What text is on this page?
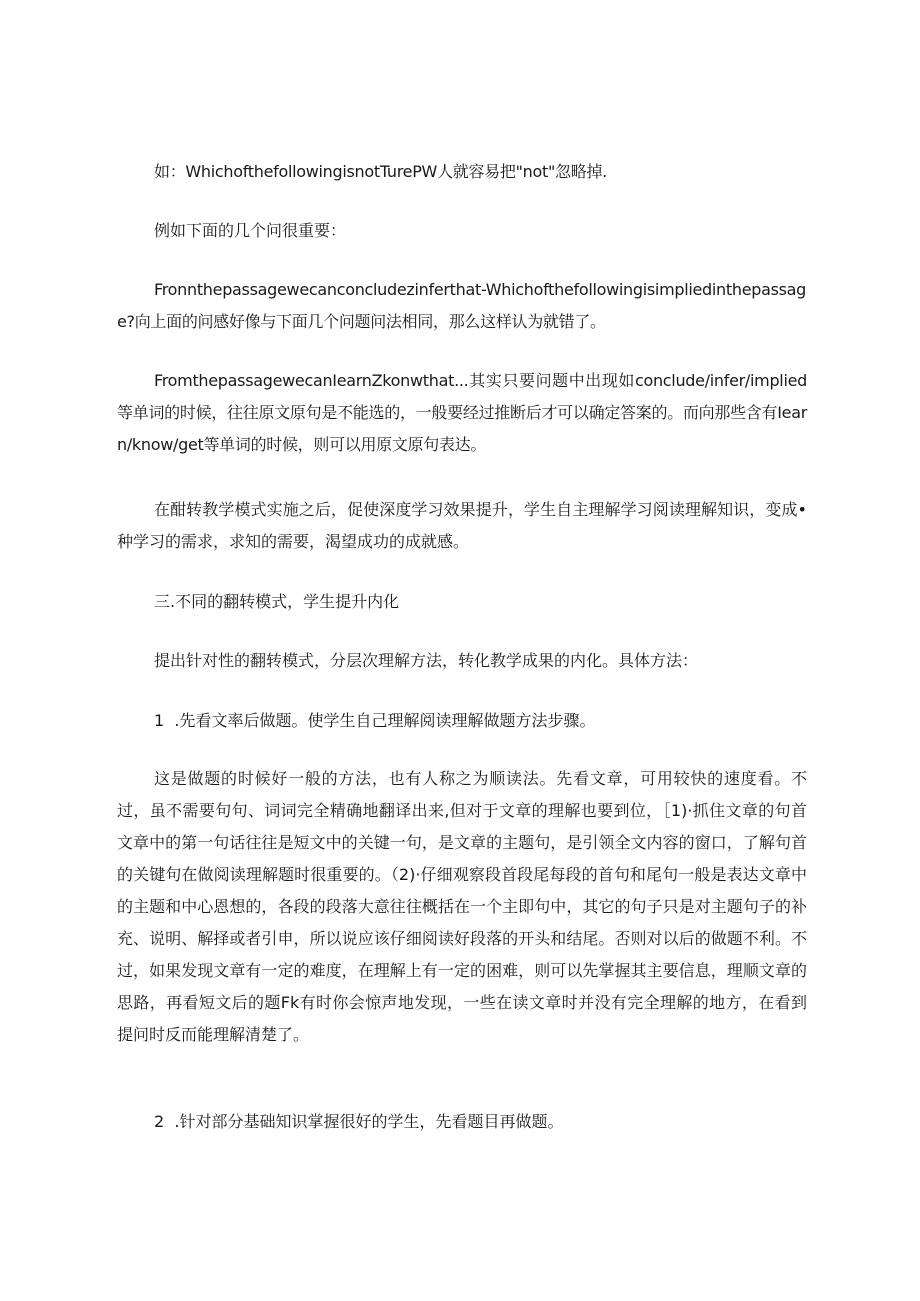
如：WhichofthefollowingisnotTurePW人就容易把"not"忽略掉.

例如下面的几个问很重要：

Fronnthepassagewecanconcludezinferthat-Whichofthefollowingisimpliedinthepassage?向上面的问感好像与下面几个问题问法相同，那么这样认为就错了。

FromthepassagewecanIearnZkonwthat...其实只要问题中出现如conclude/infer/implied等单词的时候，往往原文原句是不能选的，一般要经过推断后才可以确定答案的。而向那些含有Iearn∕know/get等单词的时候，则可以用原文原句表达。

在酣转教学模式实施之后，促使深度学习效果提升，学生自主理解学习阅读理解知识，变成•种学习的需求，求知的需要，渴望成功的成就感。

三.不同的翻转模式，学生提升内化

提出针对性的翻转模式，分层次理解方法，转化教学成果的内化。具体方法：

1  .先看文率后做题。使学生自己理解阅读理解做题方法步骤。

这是做题的时候好一般的方法，也有人称之为顺读法。先看文章，可用较快的速度看。不过，虽不需要句句、词词完全精确地翻译出来,但对于文章的理解也要到位，［1)·抓住文章的句首文章中的第一句话往往是短文中的关键一句，是文章的主题句，是引领全文内容的窗口，了解句首的关键句在做阅读理解题时很重要的。（2)·仔细观察段首段尾每段的首句和尾句一般是表达文章中的主题和中心恩想的，各段的段落大意往往概括在一个主即句中，其它的句子只是对主题句子的补充、说明、解择或者引申，所以说应该仔细阅读好段落的开头和结尾。否则对以后的做题不利。不过，如果发现文章有一定的难度，在理解上有一定的困难，则可以先掌握其主要信息，理顺文章的思路，再看短文后的题Fk有时你会惊声地发现，一些在读文章时并没有完全理解的地方，在看到提问时反而能理解清楚了。

2  .针对部分基础知识掌握很好的学生，先看题目再做题。
